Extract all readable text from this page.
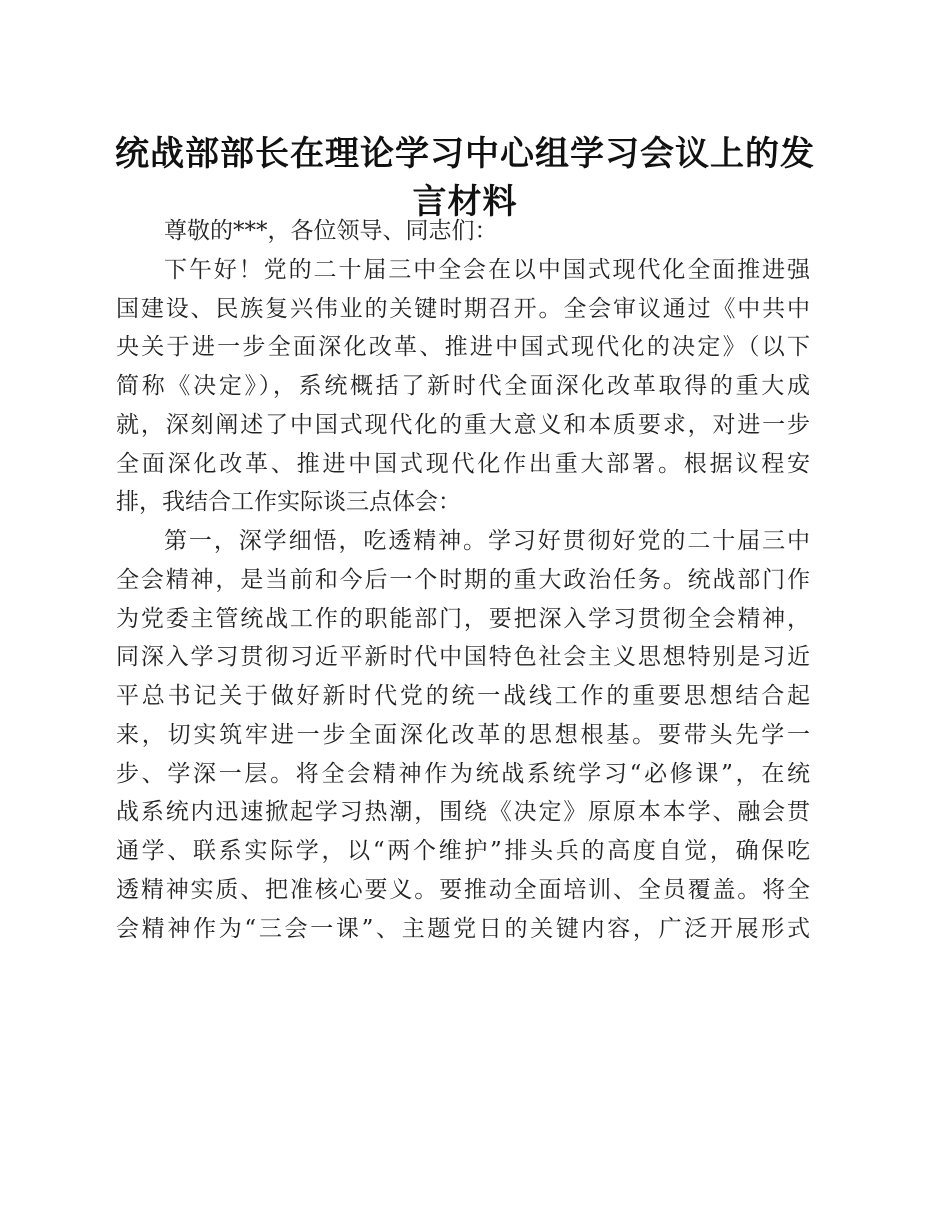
统战部部长在理论学习中心组学习会议上的发
言材料
尊敬的***，各位领导、同志们：
下午好！党的二十届三中全会在以中国式现代化全面推进强
国建设、民族复兴伟业的关键时期召开。全会审议通过《中共中
央关于进一步全面深化改革、推进中国式现代化的决定》（以下
简称《决定》），系统概括了新时代全面深化改革取得的重大成
就，深刻阐述了中国式现代化的重大意义和本质要求，对进一步
全面深化改革、推进中国式现代化作出重大部署。根据议程安
排，我结合工作实际谈三点体会：
第一，深学细悟，吃透精神。学习好贯彻好党的二十届三中
全会精神，是当前和今后一个时期的重大政治任务。统战部门作
为党委主管统战工作的职能部门，要把深入学习贯彻全会精神，
同深入学习贯彻习近平新时代中国特色社会主义思想特别是习近
平总书记关于做好新时代党的统一战线工作的重要思想结合起
来，切实筑牢进一步全面深化改革的思想根基。要带头先学一
步、学深一层。将全会精神作为统战系统学习“必修课”，在统
战系统内迅速掀起学习热潮，围绕《决定》原原本本学、融会贯
通学、联系实际学，以“两个维护”排头兵的高度自觉，确保吃
透精神实质、把准核心要义。要推动全面培训、全员覆盖。将全
会精神作为“三会一课”、主题党日的关键内容，广泛开展形式
